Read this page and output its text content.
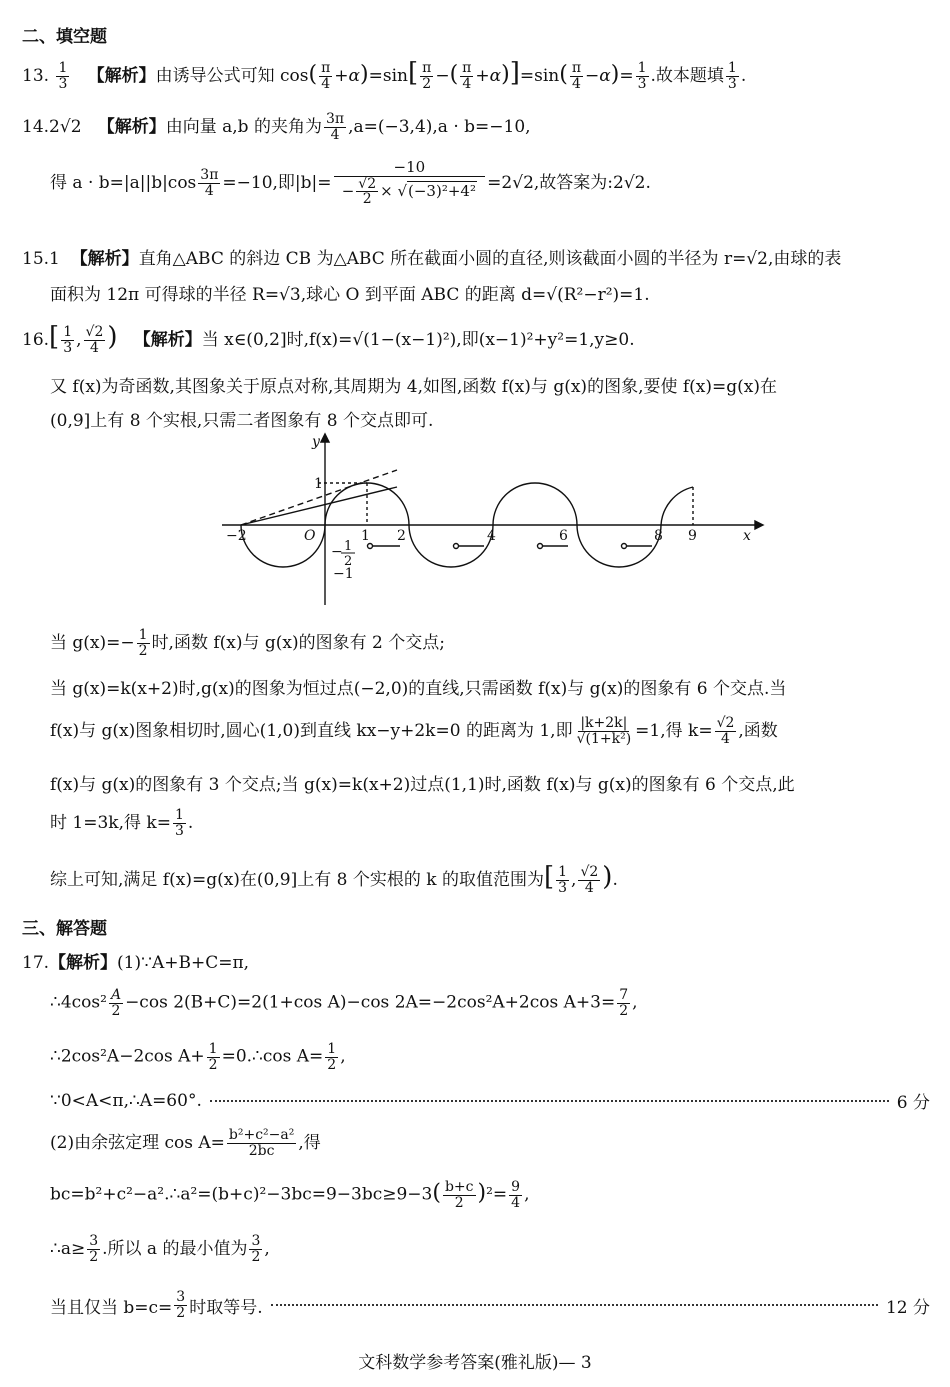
二、填空题
13. $\frac{1}{3}$ 【解析】由诱导公式可知 $\cos( \frac{\pi}{4} +\alpha)=\sin[ \frac{\pi}{2}$ −( $\frac{\pi}{4} +\alpha)]=\sin( \frac{\pi}{4} -\alpha)= \frac{1}{3}$ .故本题填 $\frac{1}{3}$ .
14.2√2 【解析】由向量 a,b 的夹角为 $\frac{3\pi}{4} ,a=(-3,4),a \cdot b=-10$,
得 $a \cdot b=|a||b|\cos \frac{3\pi}{4} =-10$,即$|b|= \frac{-10}{- \frac{√2}{2} \times √(-3)^2+4^2} =2√2$,故答案为:2√2.
15.1 【解析】直角△ABC 的斜边 CB 为△ABC 所在截面小圆的直径,则该截面小圆的半径为 r=√2,由球的表
面积为 12π 可得球的半径 R=√3,球心 O 到平面 ABC 的距离 d=√(R²−r²)=1.
$16.[ \frac{1}{3}$ , $\frac{√2}{4}$ ) 【解析】当 x∈(0,2]时,f(x)=√(1−(x−1)²),即(x−1)²+y²=1,y≥0.
又 f(x)为奇函数,其图象关于原点对称,其周期为 4,如图,函数 f(x)与 g(x)的图象,要使 f(x)=g(x)在
(0,9]上有 8 个实根,只需二者图象有 8 个交点即可.
y
x
O
−2	1 2	4	6	8 9
1
− 1
2
−1
当 $g(x)=- \frac{1}{2}$ 时,函数 f(x)与 g(x)的图象有 2 个交点;
当 g(x)=k(x+2)时,g(x)的图象为恒过点(−2,0)的直线,只需函数 f(x)与 g(x)的图象有 6 个交点.当
f(x)与 g(x)图象相切时,圆心(1,0)到直线 kx−y+2k=0 的距离为 1,即 $\frac{|k+2k|}{\text{√(1+k²)}} =1$,得 $k= \frac{√2}{4}$ ,函数
f(x)与 g(x)的图象有 3 个交点;当 g(x)=k(x+2)过点(1,1)时,函数 f(x)与 g(x)的图象有 6 个交点,此
时 1=3k,得 $k= \frac{1}{3}$ .
综上可知,满足 f(x)=g(x)在(0,9]上有 8 个实根的 k 的取值范围为[ $\frac{1}{3}$ , $\frac{√2}{4}$ ).
三、解答题
17.【解析】(1)∵A+B+C=π,
∴4cos² $\frac{A}{2} -\cos$ 2(B+C)=2(1+cos A)−cos 2A=−2cos²A+2cos $A+3= \frac{7}{2}$ ,
∴2cos²A−2cos $A+ \frac{1}{2}$ =0.∴cos $A= \frac{1}{2}$ ,
∵0<A<π,∴A=60°.	6 分
(2)由余弦定理 $\cos A= \frac{\text{b²+c²−a²}}{2bc}$ ,得
bc=b²+c²−a².∴a²=(b+c)²−3bc=9−3bc≥9−3( $\frac{b+c}{2} )^2= \frac{9}{4}$ ,
∴a≥ $\frac{3}{2}$ .所以 a 的最小值为 $\frac{3}{2}$ ,
当且仅当 $b=c= \frac{3}{2}$ 时取等号.	12 分
文科数学参考答案(雅礼版)— 3
